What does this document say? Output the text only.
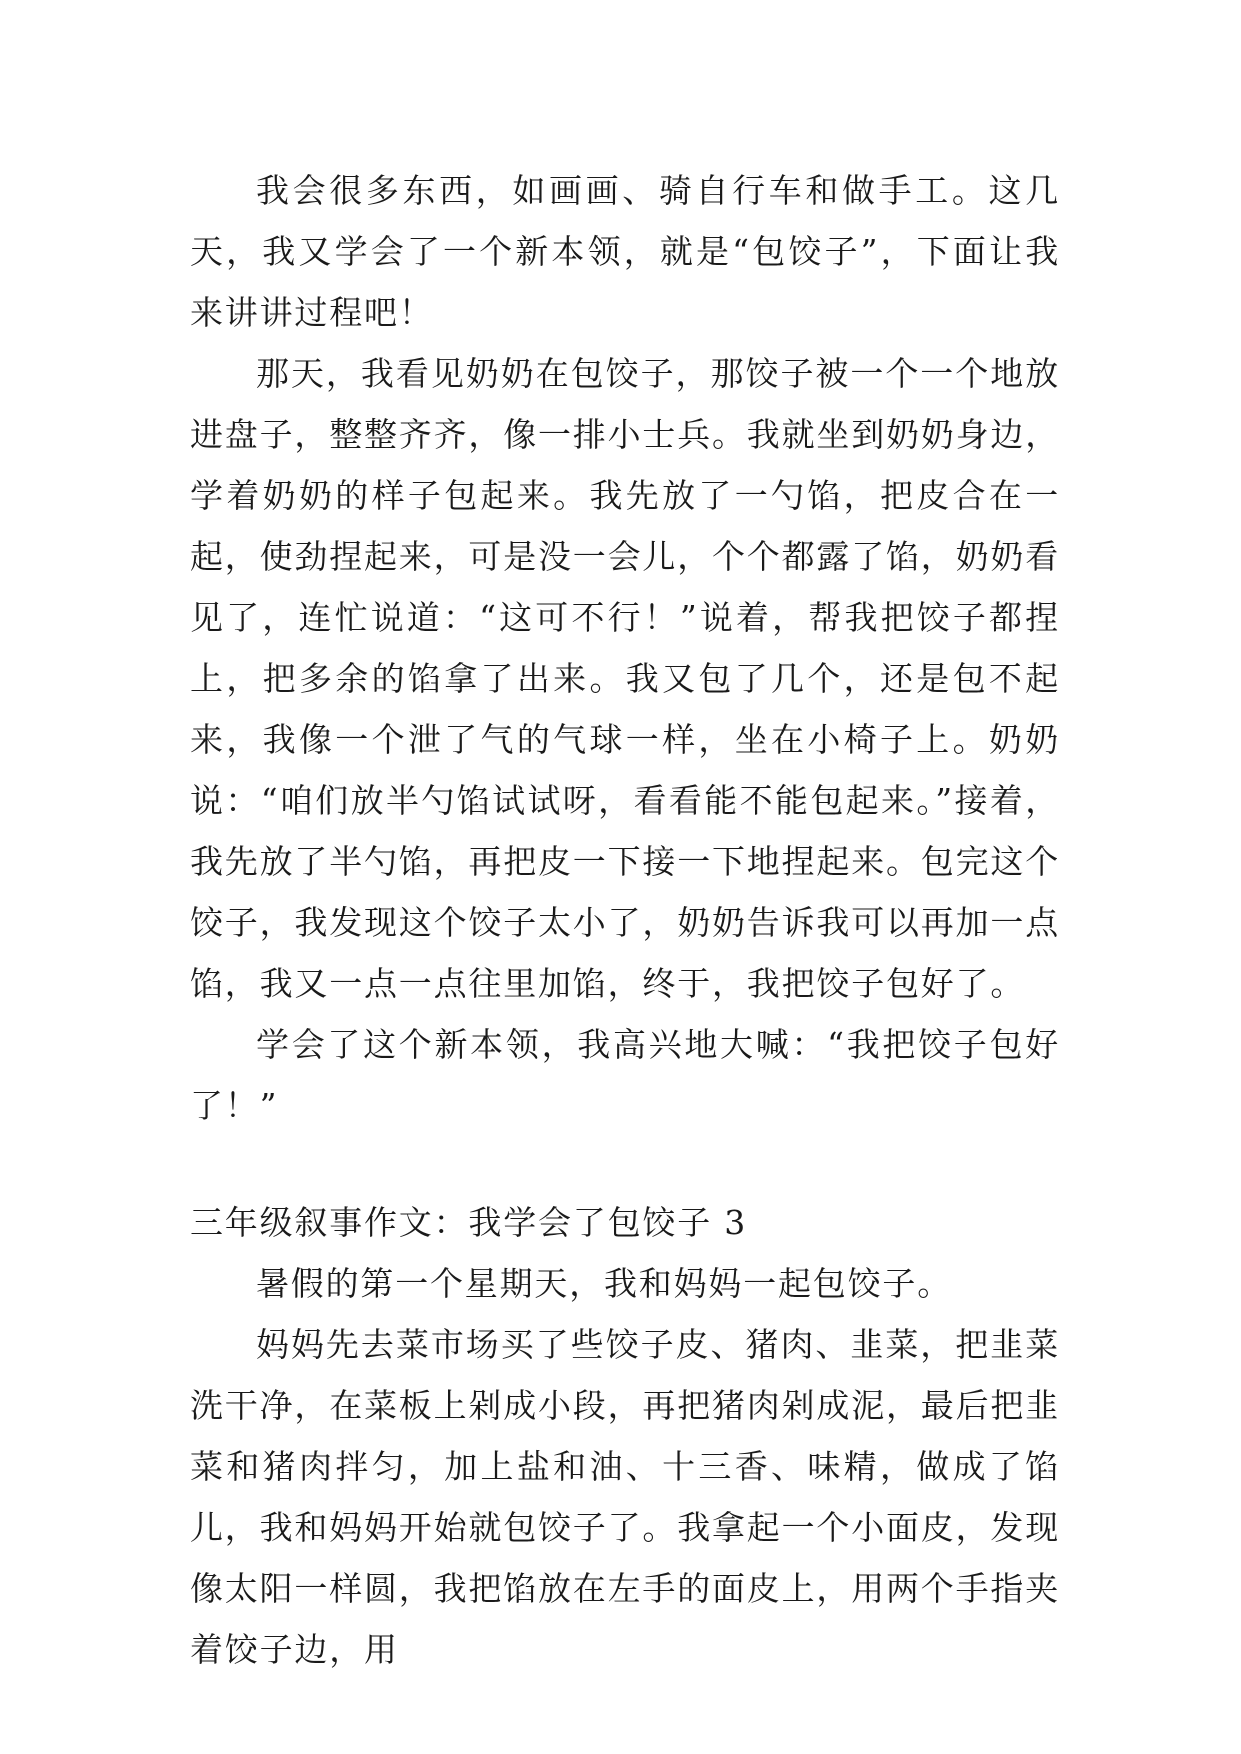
我会很多东西，如画画、骑自行车和做手工。这几天，我又学会了一个新本领，就是“包饺子”，下面让我来讲讲过程吧！

那天，我看见奶奶在包饺子，那饺子被一个一个地放进盘子，整整齐齐，像一排小士兵。我就坐到奶奶身边，学着奶奶的样子包起来。我先放了一勺馅，把皮合在一起，使劲捏起来，可是没一会儿，个个都露了馅，奶奶看见了，连忙说道：“这可不行！”说着，帮我把饺子都捏上，把多余的馅拿了出来。我又包了几个，还是包不起来，我像一个泄了气的气球一样，坐在小椅子上。奶奶说：“咱们放半勺馅试试呀，看看能不能包起来。”接着，我先放了半勺馅，再把皮一下接一下地捏起来。包完这个饺子，我发现这个饺子太小了，奶奶告诉我可以再加一点馅，我又一点一点往里加馅，终于，我把饺子包好了。

学会了这个新本领，我高兴地大喊：“我把饺子包好了！”

三年级叙事作文：我学会了包饺子 3

暑假的第一个星期天，我和妈妈一起包饺子。

妈妈先去菜市场买了些饺子皮、猪肉、韭菜，把韭菜洗干净，在菜板上剁成小段，再把猪肉剁成泥，最后把韭菜和猪肉拌匀，加上盐和油、十三香、味精，做成了馅儿，我和妈妈开始就包饺子了。我拿起一个小面皮，发现像太阳一样圆，我把馅放在左手的面皮上，用两个手指夹着饺子边，用
